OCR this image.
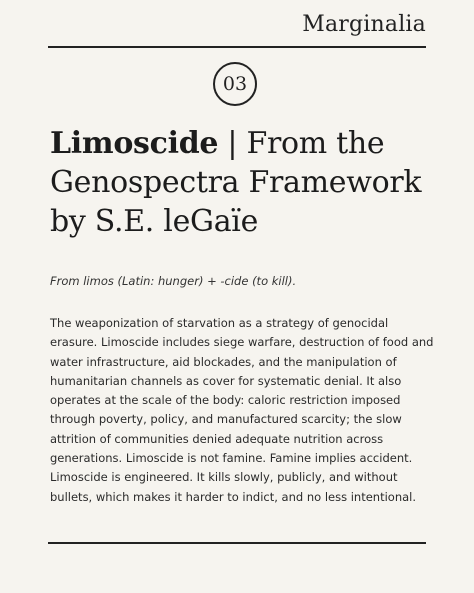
Marginalia
03
Limoscide | From the Genospectra Framework by S.E. leGaïe

From limos (Latin: hunger) + -cide (to kill).

The weaponization of starvation as a strategy of genocidal erasure. Limoscide includes siege warfare, destruction of food and water infrastructure, aid blockades, and the manipulation of humanitarian channels as cover for systematic denial. It also operates at the scale of the body: caloric restriction imposed through poverty, policy, and manufactured scarcity; the slow attrition of communities denied adequate nutrition across generations. Limoscide is not famine. Famine implies accident. Limoscide is engineered. It kills slowly, publicly, and without bullets, which makes it harder to indict, and no less intentional.
